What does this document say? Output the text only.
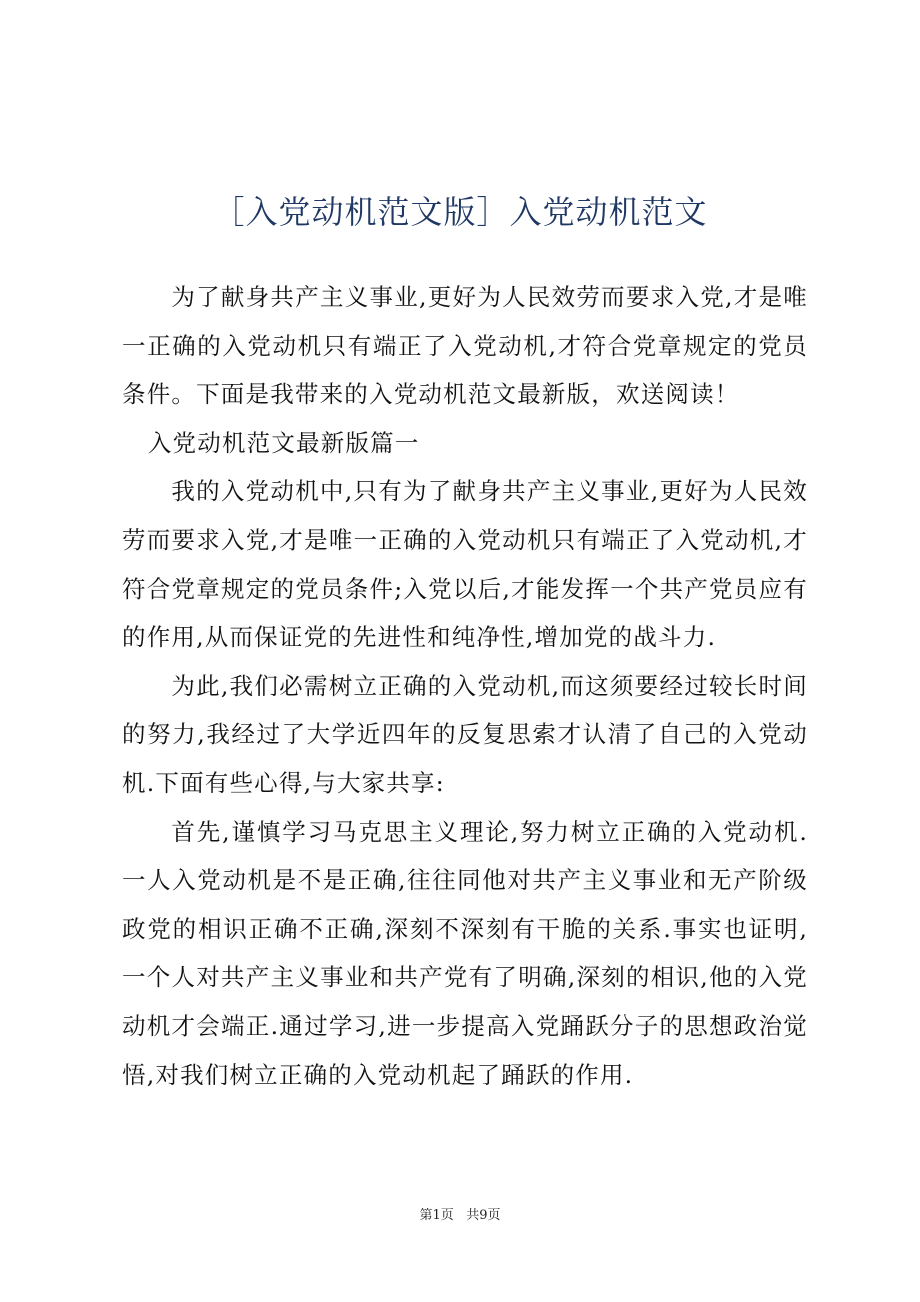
［入党动机范文版］入党动机范文

为了献身共产主义事业,更好为人民效劳而要求入党,才是唯一正确的入党动机只有端正了入党动机,才符合党章规定的党员条件。下面是我带来的入党动机范文最新版，欢送阅读！

入党动机范文最新版篇一

我的入党动机中,只有为了献身共产主义事业,更好为人民效劳而要求入党,才是唯一正确的入党动机只有端正了入党动机,才符合党章规定的党员条件;入党以后,才能发挥一个共产党员应有的作用,从而保证党的先进性和纯净性,增加党的战斗力.

为此,我们必需树立正确的入党动机,而这须要经过较长时间的努力,我经过了大学近四年的反复思索才认清了自己的入党动机.下面有些心得,与大家共享:

首先,谨慎学习马克思主义理论,努力树立正确的入党动机.一人入党动机是不是正确,往往同他对共产主义事业和无产阶级政党的相识正确不正确,深刻不深刻有干脆的关系.事实也证明,一个人对共产主义事业和共产党有了明确,深刻的相识,他的入党动机才会端正.通过学习,进一步提高入党踊跃分子的思想政治觉悟,对我们树立正确的入党动机起了踊跃的作用.

第1页 共9页
